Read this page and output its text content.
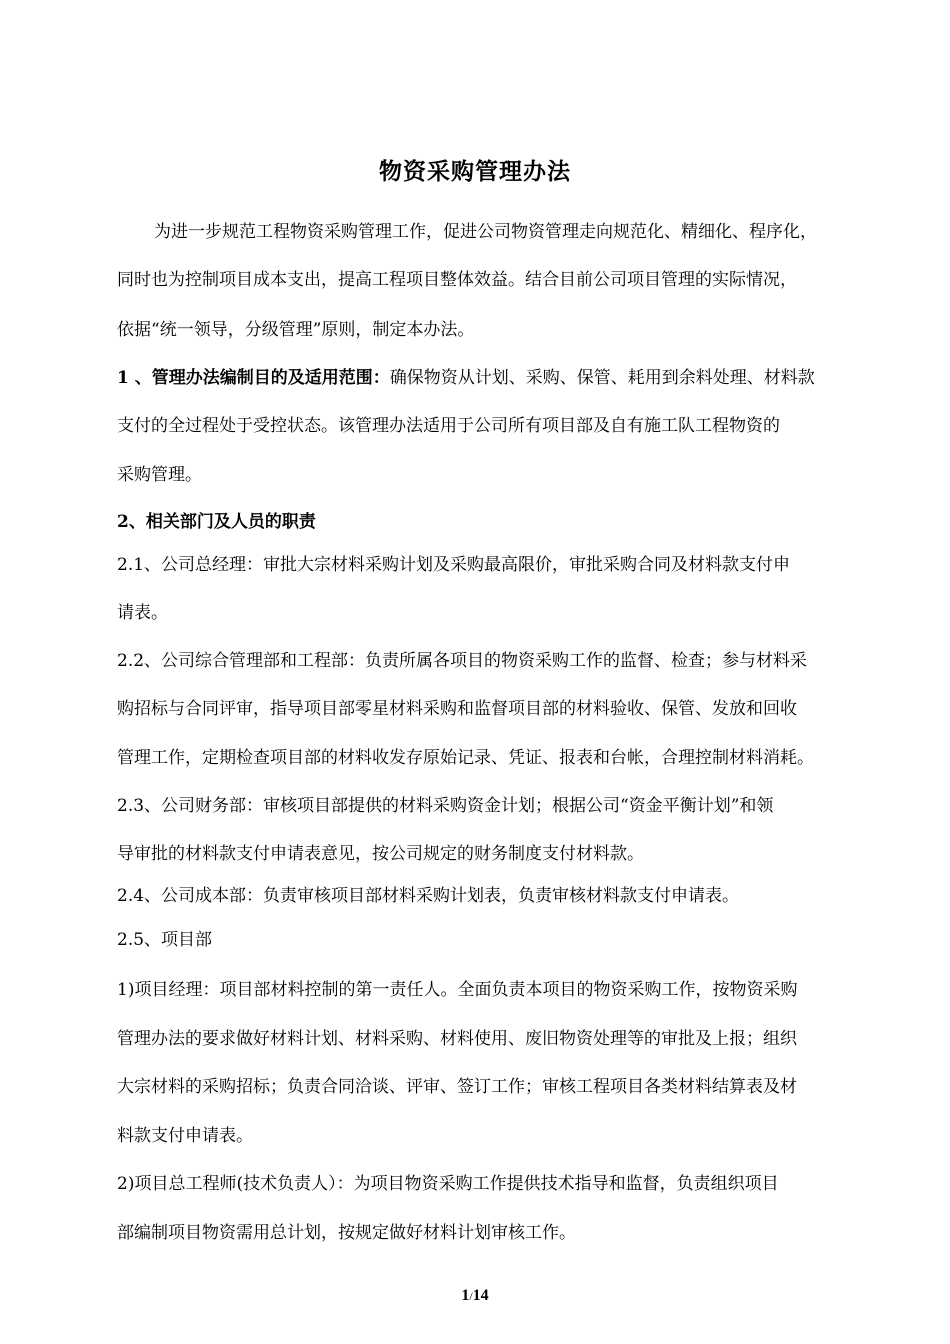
物资采购管理办法

为进一步规范工程物资采购管理工作，促进公司物资管理走向规范化、精细化、程序化，

同时也为控制项目成本支出，提高工程项目整体效益。结合目前公司项目管理的实际情况，

依据“统一领导，分级管理”原则，制定本办法。

1 、管理办法编制目的及适用范围：确保物资从计划、采购、保管、耗用到余料处理、材料款

支付的全过程处于受控状态。该管理办法适用于公司所有项目部及自有施工队工程物资的

采购管理。

2、相关部门及人员的职责

2.1、公司总经理：审批大宗材料采购计划及采购最高限价，审批采购合同及材料款支付申

请表。

2.2、公司综合管理部和工程部：负责所属各项目的物资采购工作的监督、检查；参与材料采

购招标与合同评审，指导项目部零星材料采购和监督项目部的材料验收、保管、发放和回收

管理工作，定期检查项目部的材料收发存原始记录、凭证、报表和台帐，合理控制材料消耗。

2.3、公司财务部：审核项目部提供的材料采购资金计划；根据公司“资金平衡计划”和领

导审批的材料款支付申请表意见，按公司规定的财务制度支付材料款。

2.4、公司成本部：负责审核项目部材料采购计划表，负责审核材料款支付申请表。

2.5、项目部

1)项目经理：项目部材料控制的第一责任人。全面负责本项目的物资采购工作，按物资采购

管理办法的要求做好材料计划、材料采购、材料使用、废旧物资处理等的审批及上报；组织

大宗材料的采购招标；负责合同洽谈、评审、签订工作；审核工程项目各类材料结算表及材

料款支付申请表。

2)项目总工程师(技术负责人）：为项目物资采购工作提供技术指导和监督，负责组织项目

部编制项目物资需用总计划，按规定做好材料计划审核工作。

1/14
